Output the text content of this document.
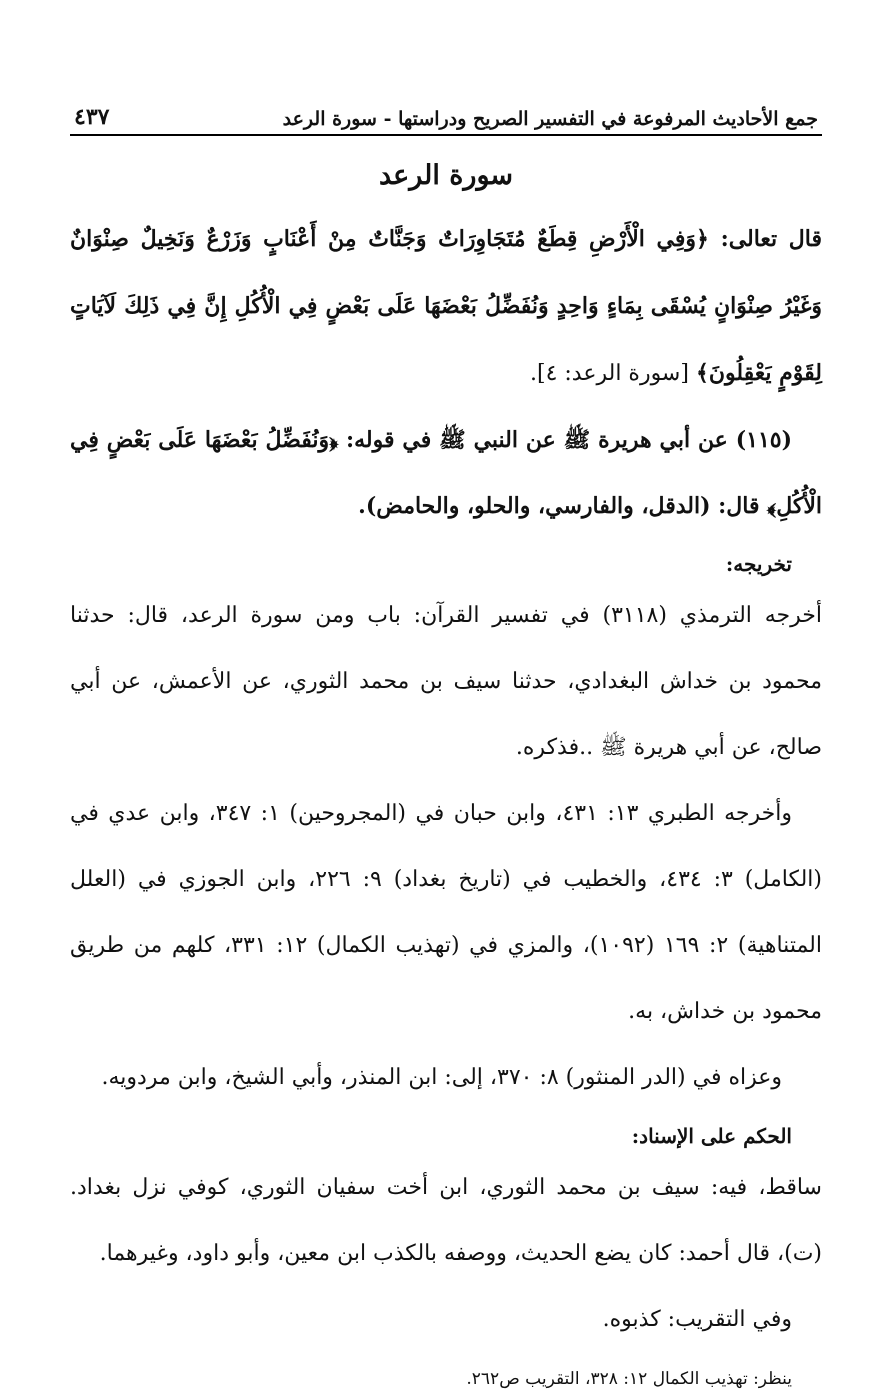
جمع الأحاديث المرفوعة في التفسير الصريح ودراستها - سورة الرعد
٤٣٧
سورة الرعد

قال تعالى: ﴿وَفِي الْأَرْضِ قِطَعٌ مُتَجَاوِرَاتٌ وَجَنَّاتٌ مِنْ أَعْنَابٍ وَزَرْعٌ وَنَخِيلٌ صِنْوَانٌ وَغَيْرُ صِنْوَانٍ يُسْقَى بِمَاءٍ وَاحِدٍ وَنُفَضِّلُ بَعْضَهَا عَلَى بَعْضٍ فِي الْأُكُلِ إِنَّ فِي ذَلِكَ لَآيَاتٍ لِقَوْمٍ يَعْقِلُونَ﴾ [سورة الرعد: ٤].

(١١٥) عن أبي هريرة ﷺ عن النبي ﷺ في قوله: ﴿وَنُفَضِّلُ بَعْضَهَا عَلَى بَعْضٍ فِي الْأُكُلِ﴾ قال: (الدقل، والفارسي، والحلو، والحامض).

تخريجه:

أخرجه الترمذي (٣١١٨) في تفسير القرآن: باب ومن سورة الرعد، قال: حدثنا محمود بن خداش البغدادي، حدثنا سيف بن محمد الثوري، عن الأعمش، عن أبي صالح، عن أبي هريرة ﷺ ..فذكره.

وأخرجه الطبري ١٣: ٤٣١، وابن حبان في (المجروحين) ١: ٣٤٧، وابن عدي في (الكامل) ٣: ٤٣٤، والخطيب في (تاريخ بغداد) ٩: ٢٢٦، وابن الجوزي في (العلل المتناهية) ٢: ١٦٩ (١٠٩٢)، والمزي في (تهذيب الكمال) ١٢: ٣٣١، كلهم من طريق محمود بن خداش، به.

وعزاه في (الدر المنثور) ٨: ٣٧٠، إلى: ابن المنذر، وأبي الشيخ، وابن مردويه.

الحكم على الإسناد:

ساقط، فيه: سيف بن محمد الثوري، ابن أخت سفيان الثوري، كوفي نزل بغداد. (ت)، قال أحمد: كان يضع الحديث، ووصفه بالكذب ابن معين، وأبو داود، وغيرهما.

وفي التقريب: كذبوه.

ينظر: تهذيب الكمال ١٢: ٣٢٨، التقريب ص٢٦٢.
